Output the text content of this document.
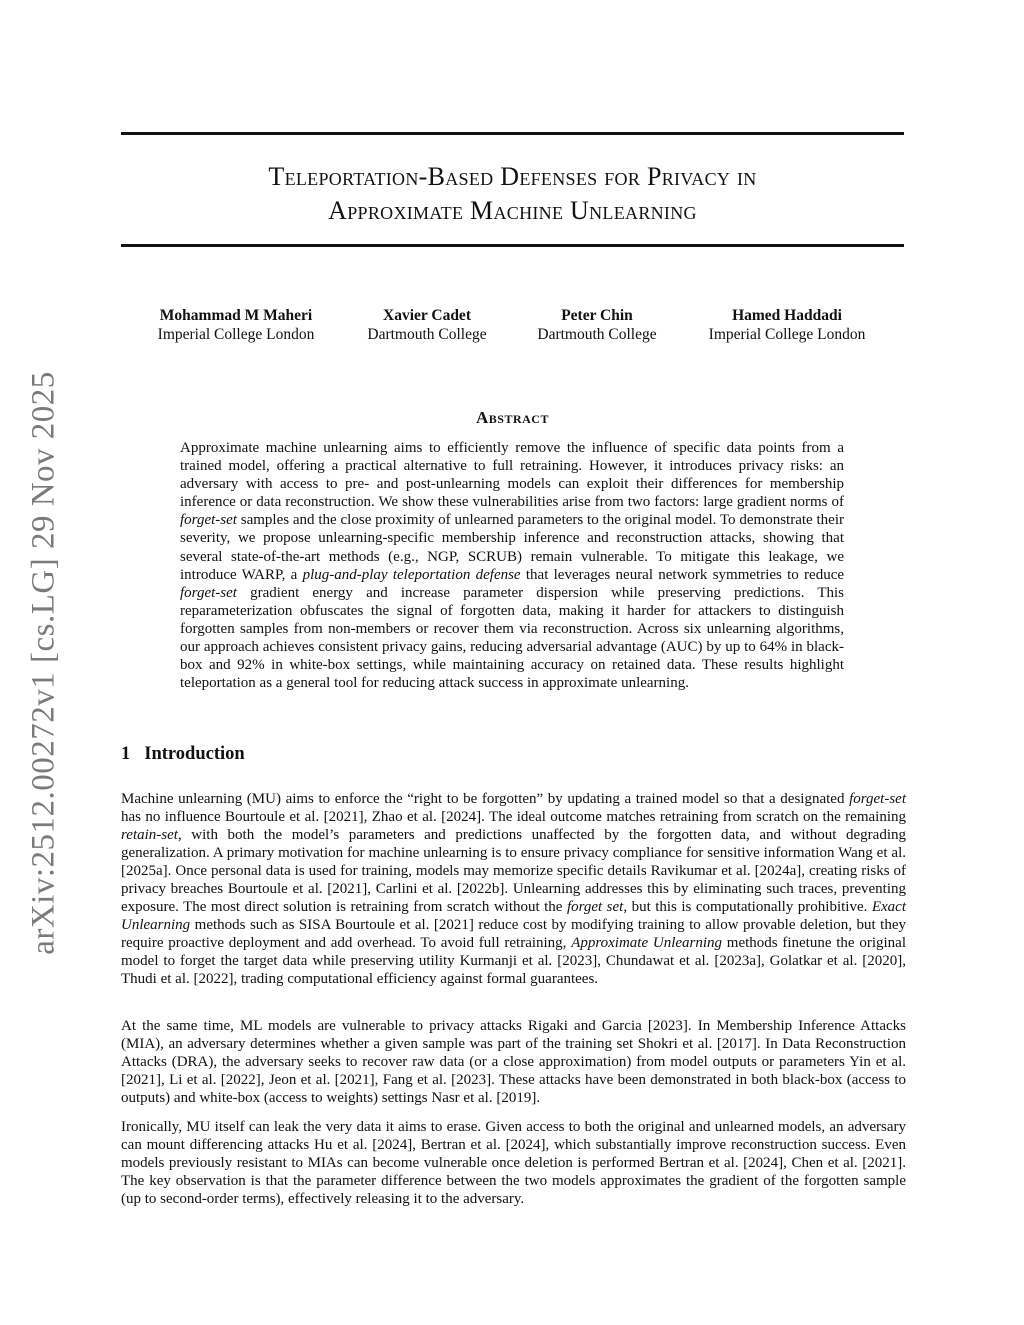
Teleportation-Based Defenses for Privacy in
Approximate Machine Unlearning
Mohammad M Maheri
Imperial College London
Xavier Cadet
Dartmouth College
Peter Chin
Dartmouth College
Hamed Haddadi
Imperial College London
arXiv:2512.00272v1 [cs.LG] 29 Nov 2025	Abstract
Approximate machine unlearning aims to efficiently remove the influence of specific data points from a trained model, offering a practical alternative to full retraining. However, it introduces privacy risks: an adversary with access to pre- and post-unlearning models can exploit their differences for membership inference or data reconstruction. We show these vulnerabilities arise from two factors: large gradient norms of forget-set samples and the close proximity of unlearned parameters to the original model. To demonstrate their severity, we propose unlearning-specific membership inference and reconstruction attacks, showing that several state-of-the-art methods (e.g., NGP, SCRUB) remain vulnerable. To mitigate this leakage, we introduce WARP, a plug-and-play teleportation defense that leverages neural network symmetries to reduce forget-set gradient energy and increase parameter dispersion while preserving predictions. This reparameterization obfuscates the signal of forgotten data, making it harder for attackers to distinguish forgotten samples from non-members or recover them via reconstruction. Across six unlearning algorithms, our approach achieves consistent privacy gains, reducing adversarial advantage (AUC) by up to 64% in black-box and 92% in white-box settings, while maintaining accuracy on retained data. These results highlight teleportation as a general tool for reducing attack success in approximate unlearning.
1 Introduction
Machine unlearning (MU) aims to enforce the “right to be forgotten” by updating a trained model so that a designated forget-set has no influence Bourtoule et al. [2021], Zhao et al. [2024]. The ideal outcome matches retraining from scratch on the remaining retain-set, with both the model’s parameters and predictions unaffected by the forgotten data, and without degrading generalization. A primary motivation for machine unlearning is to ensure privacy compliance for sensitive information Wang et al. [2025a]. Once personal data is used for training, models may memorize specific details Ravikumar et al. [2024a], creating risks of privacy breaches Bourtoule et al. [2021], Carlini et al. [2022b]. Unlearning addresses this by eliminating such traces, preventing exposure. The most direct solution is retraining from scratch without the forget set, but this is computationally prohibitive. Exact Unlearning methods such as SISA Bourtoule et al. [2021] reduce cost by modifying training to allow provable deletion, but they require proactive deployment and add overhead. To avoid full retraining, Approximate Unlearning methods finetune the original model to forget the target data while preserving utility Kurmanji et al. [2023], Chundawat et al. [2023a], Golatkar et al. [2020], Thudi et al. [2022], trading computational efficiency against formal guarantees.
At the same time, ML models are vulnerable to privacy attacks Rigaki and Garcia [2023]. In Membership Inference Attacks (MIA), an adversary determines whether a given sample was part of the training set Shokri et al. [2017]. In Data Reconstruction Attacks (DRA), the adversary seeks to recover raw data (or a close approximation) from model outputs or parameters Yin et al. [2021], Li et al. [2022], Jeon et al. [2021], Fang et al. [2023]. These attacks have been demonstrated in both black-box (access to outputs) and white-box (access to weights) settings Nasr et al. [2019].
Ironically, MU itself can leak the very data it aims to erase. Given access to both the original and unlearned models, an adversary can mount differencing attacks Hu et al. [2024], Bertran et al. [2024], which substantially improve reconstruction success. Even models previously resistant to MIAs can become vulnerable once deletion is performed Bertran et al. [2024], Chen et al. [2021]. The key observation is that the parameter difference between the two models approximates the gradient of the forgotten sample (up to second-order terms), effectively releasing it to the adversary.
